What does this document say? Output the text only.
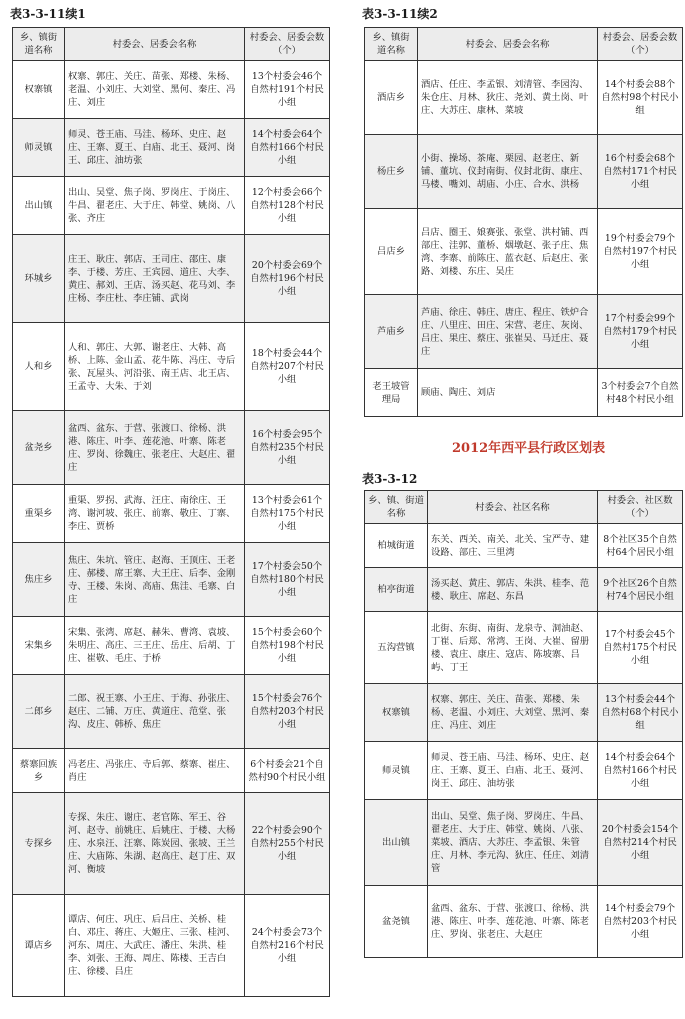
表3-3-11续1	表3-3-11续2
2012年西平县行政区划表
表3-3-12
乡、镇街道名称	村委会、居委会名称	村委会、居委会数（个）
权寨镇	权寨、郭庄、关庄、苗张、郑楼、朱杨、老温、小刘庄、大刘堂、黑何、秦庄、冯庄、刘庄	13个村委会46个自然村191个村民小组
师灵镇	师灵、苍王庙、马洼、杨环、史庄、赵庄、王寨、夏王、白庙、北王、聂河、岗王、邱庄、油坊张	14个村委会64个自然村166个村民小组
出山镇	出山、吴堂、焦子岗、罗岗庄、于岗庄、牛昌、翟老庄、大于庄、韩堂、姚岗、八张、齐庄	12个村委会66个自然村128个村民小组
环城乡	庄王、耿庄、郭店、王司庄、邵庄、康李、于楼、芳庄、王宾园、道庄、大李、黄庄、郝刘、王店、汤买赵、花马刘、李庄杨、李庄杜、李庄铺、武岗	20个村委会69个自然村196个村民小组
人和乡	人和、郭庄、大郭、谢老庄、大韩、高桥、上陈、金山孟、花牛陈、冯庄、寺后张、瓦屋头、河沿张、南王店、北王店、王孟寺、大朱、于刘	18个村委会44个自然村207个村民小组
盆尧乡	盆西、盆东、于营、张渡口、徐杨、洪港、陈庄、叶李、莲花池、叶寨、陈老庄、罗岗、徐魏庄、张老庄、大赵庄、翟庄	16个村委会95个自然村235个村民小组
重渠乡	重渠、罗拐、武海、汪庄、南徐庄、王湾、谢河坡、张庄、前寨、敬庄、丁寨、李庄、贾桥	13个村委会61个自然村175个村民小组
焦庄乡	焦庄、朱坑、管庄、赵海、王顶庄、王老庄、郝楼、席王寨、大王庄、后李、金刚寺、王楼、朱岗、高庙、焦洼、毛寨、白庄	17个村委会50个自然村180个村民小组
宋集乡	宋集、张湾、席赵、赫朱、曹湾、袁坡、朱明庄、高庄、三王庄、岳庄、后胡、丁庄、崔敬、毛庄、于桥	15个村委会60个自然村198个村民小组
二郎乡	二郎、祝王寨、小王庄、于海、孙张庄、赵庄、二铺、万庄、黄道庄、范堂、张沟、皮庄、韩桥、焦庄	15个村委会76个自然村203个村民小组
蔡寨回族乡	冯老庄、冯张庄、寺后郭、蔡寨、崔庄、肖庄	6个村委会21个自然村90个村民小组
专探乡	专探、朱庄、谢庄、老官陈、军王、谷河、赵寺、前姚庄、后姚庄、于楼、大杨庄、水泉汪、汪寨、陈炭园、张坡、王兰庄、大庙陈、朱湖、赵高庄、赵丁庄、双河、衡坡	22个村委会90个自然村255个村民小组
谭店乡	谭店、何庄、巩庄、后吕庄、关桥、桂白、邓庄、蒋庄、大姬庄、三张、桂河、河东、周庄、大武庄、潘庄、朱洪、桂李、刘张、王海、周庄、陈楼、王吉白庄、徐楼、吕庄	24个村委会73个自然村216个村民小组
乡、镇街道名称	村委会、居委会名称	村委会、居委会数（个）
酒店乡	酒店、任庄、李孟银、刘清管、李园沟、朱仓庄、月林、狄庄、尧刘、黄土岗、叶庄、大苏庄、康林、菜坡	14个村委会88个自然村98个村民小组
杨庄乡	小街、操场、茶庵、栗园、赵老庄、新铺、董坑、仪封南街、仪封北街、康庄、马楼、嘴刘、胡庙、小庄、合水、洪杨	16个村委会68个自然村171个村民小组
吕店乡	吕店、圈王、娘赛张、张堂、洪村铺、西部庄、洼郭、董桥、烟墩赵、张子庄、焦湾、李寨、前陈庄、蓝衣赵、后赵庄、张路、刘楼、东庄、吴庄	19个村委会79个自然村197个村民小组
芦庙乡	芦庙、徐庄、韩庄、唐庄、程庄、铁炉合庄、八里庄、田庄、宋营、老庄、灰岗、吕庄、果庄、蔡庄、张崔吴、马迁庄、聂庄	17个村委会99个自然村179个村民小组
老王坡管理局	顾庙、陶庄、刘店	3个村委会7个自然村48个村民小组
乡、镇、街道名称	村委会、社区名称	村委会、社区数（个）
柏城街道	东关、西关、南关、北关、宝严寺、建设路、部庄、三里湾	8个社区35个自然村64个居民小组
柏亭街道	汤买赵、黄庄、郭店、朱洪、桂李、范楼、耿庄、席赵、东昌	9个社区26个自然村74个居民小组
五沟营镇	北街、东街、南街、龙泉寺、洞油赵、丁崔、后郑、常湾、王岗、大崔、留册楼、袁庄、康庄、寇店、陈坡寨、吕屿、丁王	17个村委会45个自然村175个村民小组
权寨镇	权寨、郭庄、关庄、苗张、郑楼、朱杨、老温、小刘庄、大刘堂、黑河、秦庄、冯庄、刘庄	13个村委会44个自然村68个村民小组
师灵镇	师灵、苍王庙、马洼、杨环、史庄、赵庄、王寨、夏王、白庙、北王、聂河、岗王、邱庄、油坊张	14个村委会64个自然村166个村民小组
出山镇	出山、吴堂、焦子岗、罗岗庄、牛昌、翟老庄、大于庄、韩堂、姚岗、八张、菜坡、酒店、大苏庄、李孟银、朱管庄、月林、李元沟、狄庄、任庄、刘清管	20个村委会154个自然村214个村民小组
盆尧镇	盆西、盆东、于营、张渡口、徐杨、洪港、陈庄、叶李、莲花池、叶寨、陈老庄、罗岗、张老庄、大赵庄	14个村委会79个自然村203个村民小组
